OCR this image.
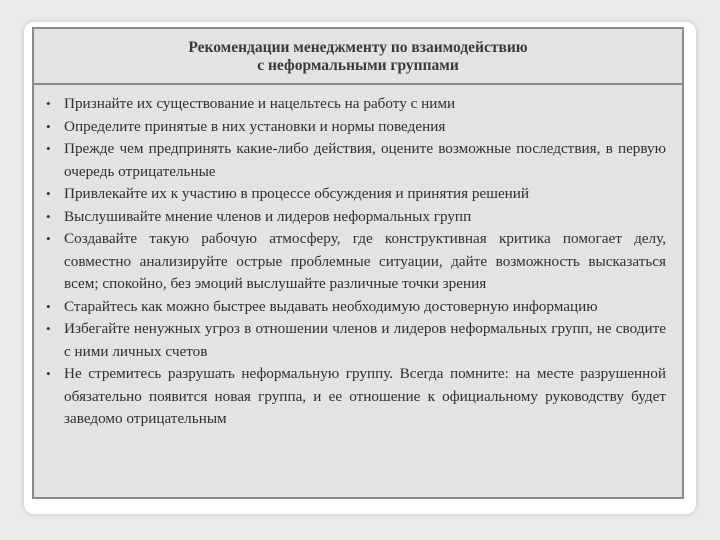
Рекомендации менеджменту по взаимодействию
с неформальными группами
• Признайте их существование и нацельтесь на работу с ними
• Определите принятые в них установки и нормы поведения
• Прежде чем предпринять какие-либо действия, оцените возможные последствия, в первую очередь отрицательные
• Привлекайте их к участию в процессе обсуждения и принятия решений
• Выслушивайте мнение членов и лидеров неформальных групп
• Создавайте такую рабочую атмосферу, где конструктивная критика помогает делу, совместно анализируйте острые проблемные ситуации, дайте возможность высказаться всем; спокойно, без эмоций выслушайте различные точки зрения
• Старайтесь как можно быстрее выдавать необходимую достоверную информацию
• Избегайте ненужных угроз в отношении членов и лидеров неформальных групп, не сводите с ними личных счетов
• Не стремитесь разрушать неформальную группу. Всегда помните: на месте разрушенной обязательно появится новая группа, и ее отношение к официальному руководству будет заведомо отрицательным
